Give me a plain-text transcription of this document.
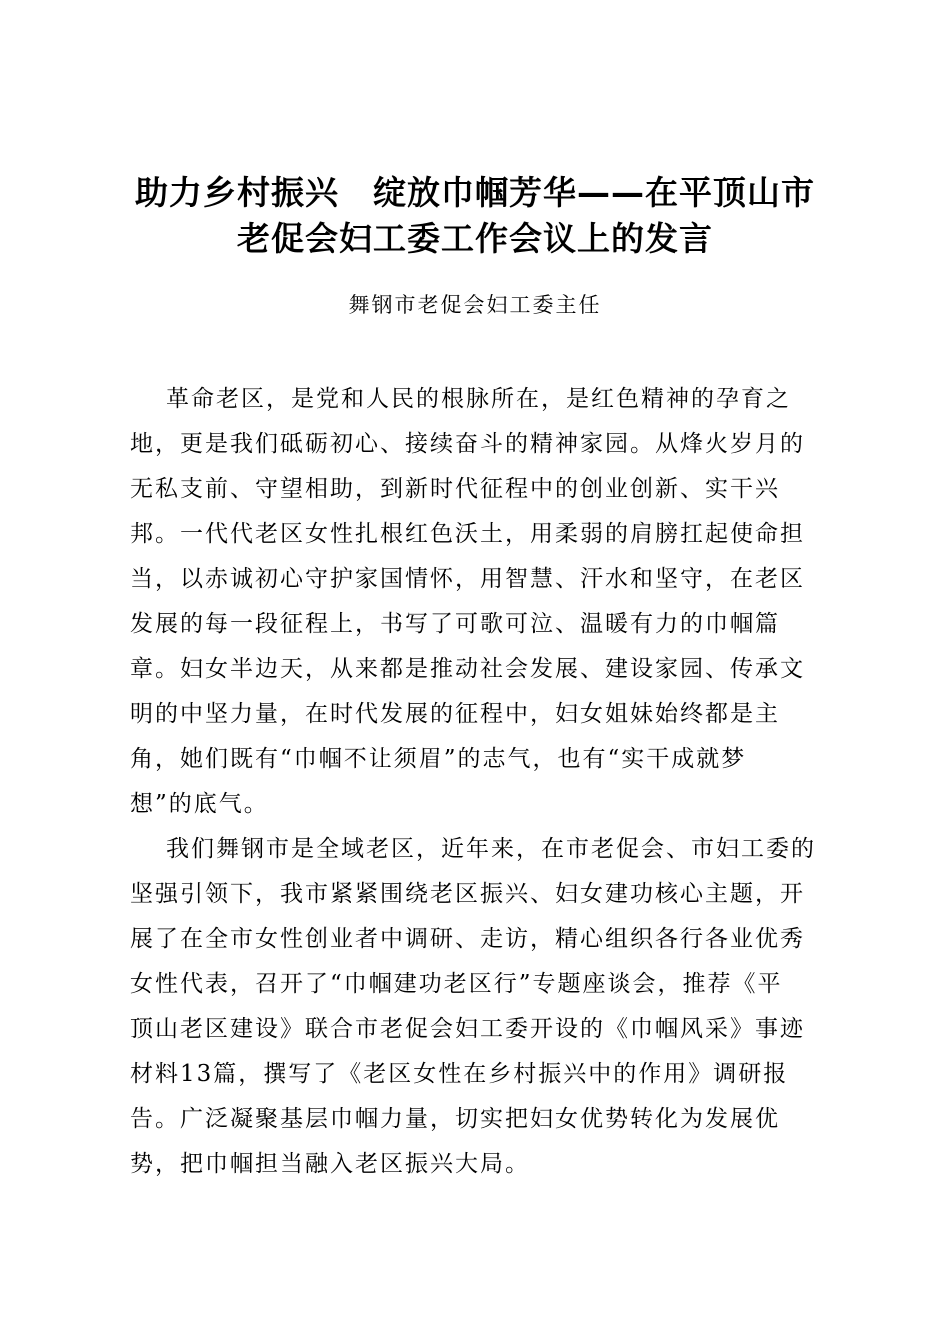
助力乡村振兴　绽放巾帼芳华——在平顶山市
老促会妇工委工作会议上的发言

舞钢市老促会妇工委主任

革命老区，是党和人民的根脉所在，是红色精神的孕育之
地，更是我们砥砺初心、接续奋斗的精神家园。从烽火岁月的
无私支前、守望相助，到新时代征程中的创业创新、实干兴
邦。一代代老区女性扎根红色沃土，用柔弱的肩膀扛起使命担
当，以赤诚初心守护家国情怀，用智慧、汗水和坚守，在老区
发展的每一段征程上，书写了可歌可泣、温暖有力的巾帼篇
章。妇女半边天，从来都是推动社会发展、建设家园、传承文
明的中坚力量，在时代发展的征程中，妇女姐妹始终都是主
角，她们既有“巾帼不让须眉”的志气，也有“实干成就梦
想”的底气。
我们舞钢市是全域老区，近年来，在市老促会、市妇工委的
坚强引领下，我市紧紧围绕老区振兴、妇女建功核心主题，开
展了在全市女性创业者中调研、走访，精心组织各行各业优秀
女性代表，召开了“巾帼建功老区行”专题座谈会，推荐《平
顶山老区建设》联合市老促会妇工委开设的《巾帼风采》事迹
材料13篇，撰写了《老区女性在乡村振兴中的作用》调研报
告。广泛凝聚基层巾帼力量，切实把妇女优势转化为发展优
势，把巾帼担当融入老区振兴大局。
